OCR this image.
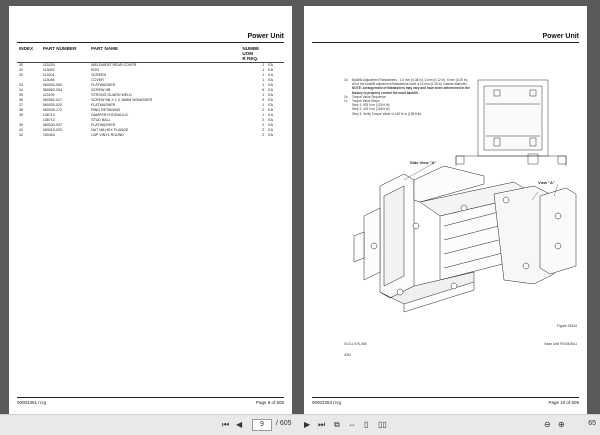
Power Unit
INDEX	PART NUMBER	PART NAME	NUMBE UOM
R REQ.	
30	113153	WELDMENT REAR COVER	1	EA
31	113053	ROD	1	EA
32	113204	SCREEN	1	EA
	113048	COVER	1	EA
33	060030-050	FLATWASHER	1	EA
34	060062-054	SCREW HB	6	EA
35	113199	STRONG GUARD WELD	1	EA
36	060062-017	SCREW M6 X 1 X 16MM W/WASHER	5	EA
37	060030-020	FLATWASHER	1	EA
38	060005-172	RING RETAINING	2	EA
39	136712	DAMPER HYDRAULIC	1	EA
	136713	STUD BALL	2	EA
39	060030-037	FLATWASHER	2	EA
40	060019-020	NUT M8 HEX FLANGE	2	EA
42	150404	CAP VINYL ROUND	2	EA
00003351 rcrg	Page 9 of 605
Power Unit
1d	Backfill Adjustment Flatwashers - 1.0 mm (0.38 in), 3 mm (0.12 in), 6 mm (0.25 in)
All of the backfill adjustment flatwashers have a 16 mm (6.25 in) outside diameter.
NOTE: Arrangement of flatwashers may vary and have been determined in the factory to properly control the mast backfill.
1b	Torque Value Sequence
1c	Torque Value Steps
Step 1: 925 N·m (125 ft lb)
Step 2: 415 N·m (155 ft lb)
Step 3: Verify Torque Value of 415 N·m (155 ft lb)
Side View "A"
View "A"
Figure 25344
GLO-L975-065	Sean Unit FIG040641
430
00003353 rcrg	Page 10 of 605
⏮ ◀	9	/ 605 ▶ ⏭ ⧉ ⇔ ▯ ▯▯	⊖ ⊕	65
